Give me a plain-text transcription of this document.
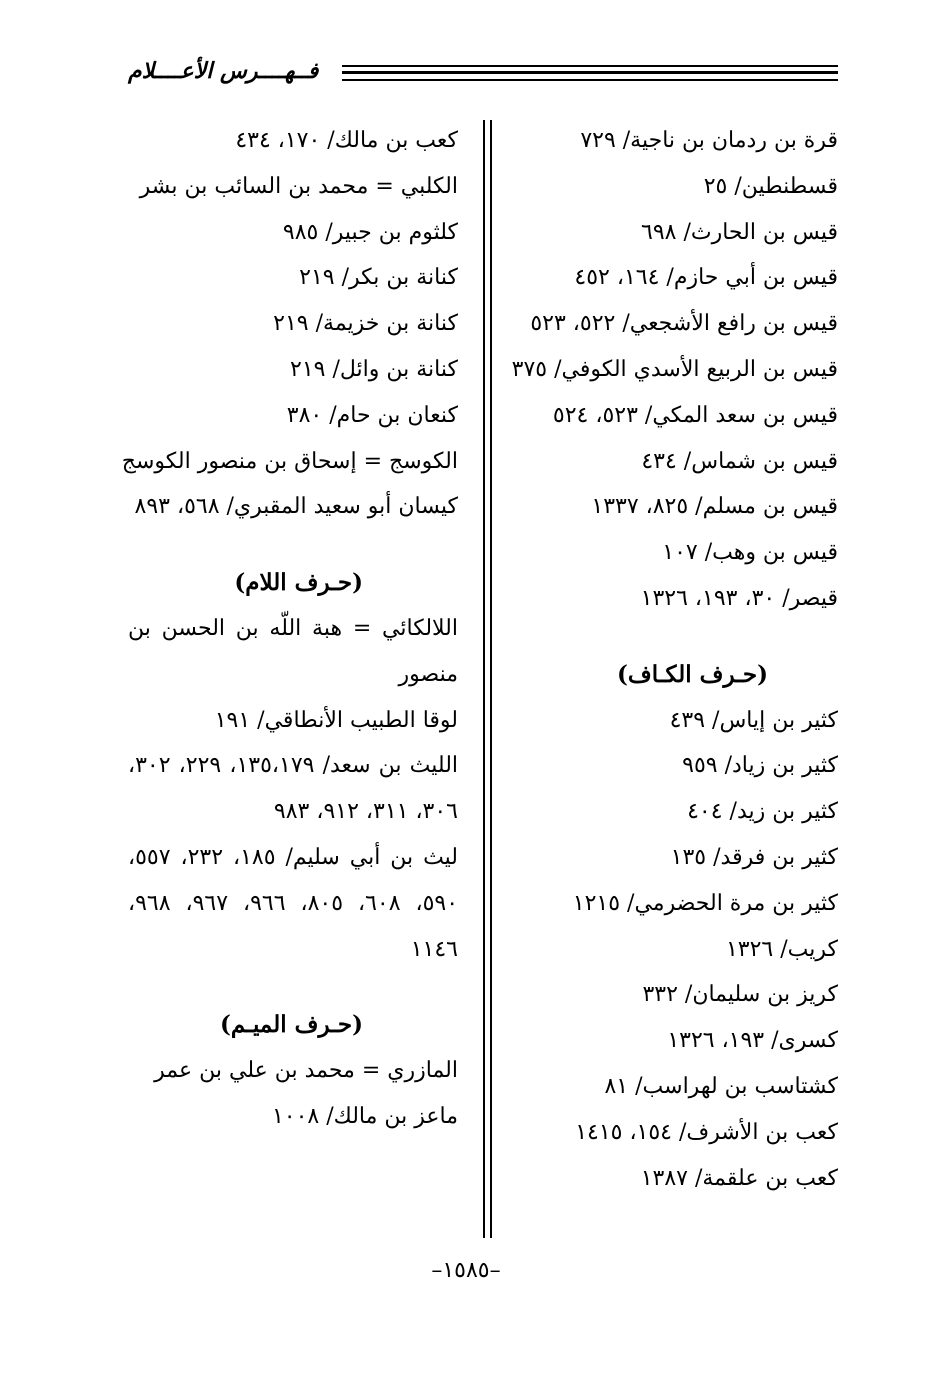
فــهــــرس الأعــــلام
قرة بن ردمان بن ناجية/ ٧٢٩
قسطنطين/ ٢٥
قيس بن الحارث/ ٦٩٨
قيس بن أبي حازم/ ١٦٤، ٤٥٢
قيس بن رافع الأشجعي/ ٥٢٢، ٥٢٣
قيس بن الربيع الأسدي الكوفي/ ٣٧٥
قيس بن سعد المكي/ ٥٢٣، ٥٢٤
قيس بن شماس/ ٤٣٤
قيس بن مسلم/ ٨٢٥، ١٣٣٧
قيس بن وهب/ ١٠٧
قيصر/ ٣٠، ١٩٣، ١٣٢٦
(حـرف الكـاف)
كثير بن إياس/ ٤٣٩
كثير بن زياد/ ٩٥٩
كثير بن زيد/ ٤٠٤
كثير بن فرقد/ ١٣٥
كثير بن مرة الحضرمي/ ١٢١٥
كريب/ ١٣٢٦
كريز بن سليمان/ ٣٣٢
كسرى/ ١٩٣، ١٣٢٦
كشتاسب بن لهراسب/ ٨١
كعب بن الأشرف/ ١٥٤، ١٤١٥
كعب بن علقمة/ ١٣٨٧
كعب بن مالك/ ١٧٠، ٤٣٤
الكلبي = محمد بن السائب بن بشر
كلثوم بن جبير/ ٩٨٥
كنانة بن بكر/ ٢١٩
كنانة بن خزيمة/ ٢١٩
كنانة بن وائل/ ٢١٩
كنعان بن حام/ ٣٨٠
الكوسج = إسحاق بن منصور الكوسج
كيسان أبو سعيد المقبري/ ٥٦٨، ٨٩٣
(حـرف اللام)
اللالكائي = هبة اللّه بن الحسن بن منصور
لوقا الطبيب الأنطاقي/ ١٩١
الليث بن سعد/ ١٣٥،١٧٩، ٢٢٩، ٣٠٢، ٣٠٦، ٣١١، ٩١٢، ٩٨٣
ليث بن أبي سليم/ ١٨٥، ٢٣٢، ٥٥٧، ٥٩٠، ٦٠٨، ٨٠٥، ٩٦٦، ٩٦٧، ٩٦٨، ١١٤٦
(حـرف الميـم)
المازري = محمد بن علي بن عمر
ماعز بن مالك/ ١٠٠٨
–١٥٨٥–
